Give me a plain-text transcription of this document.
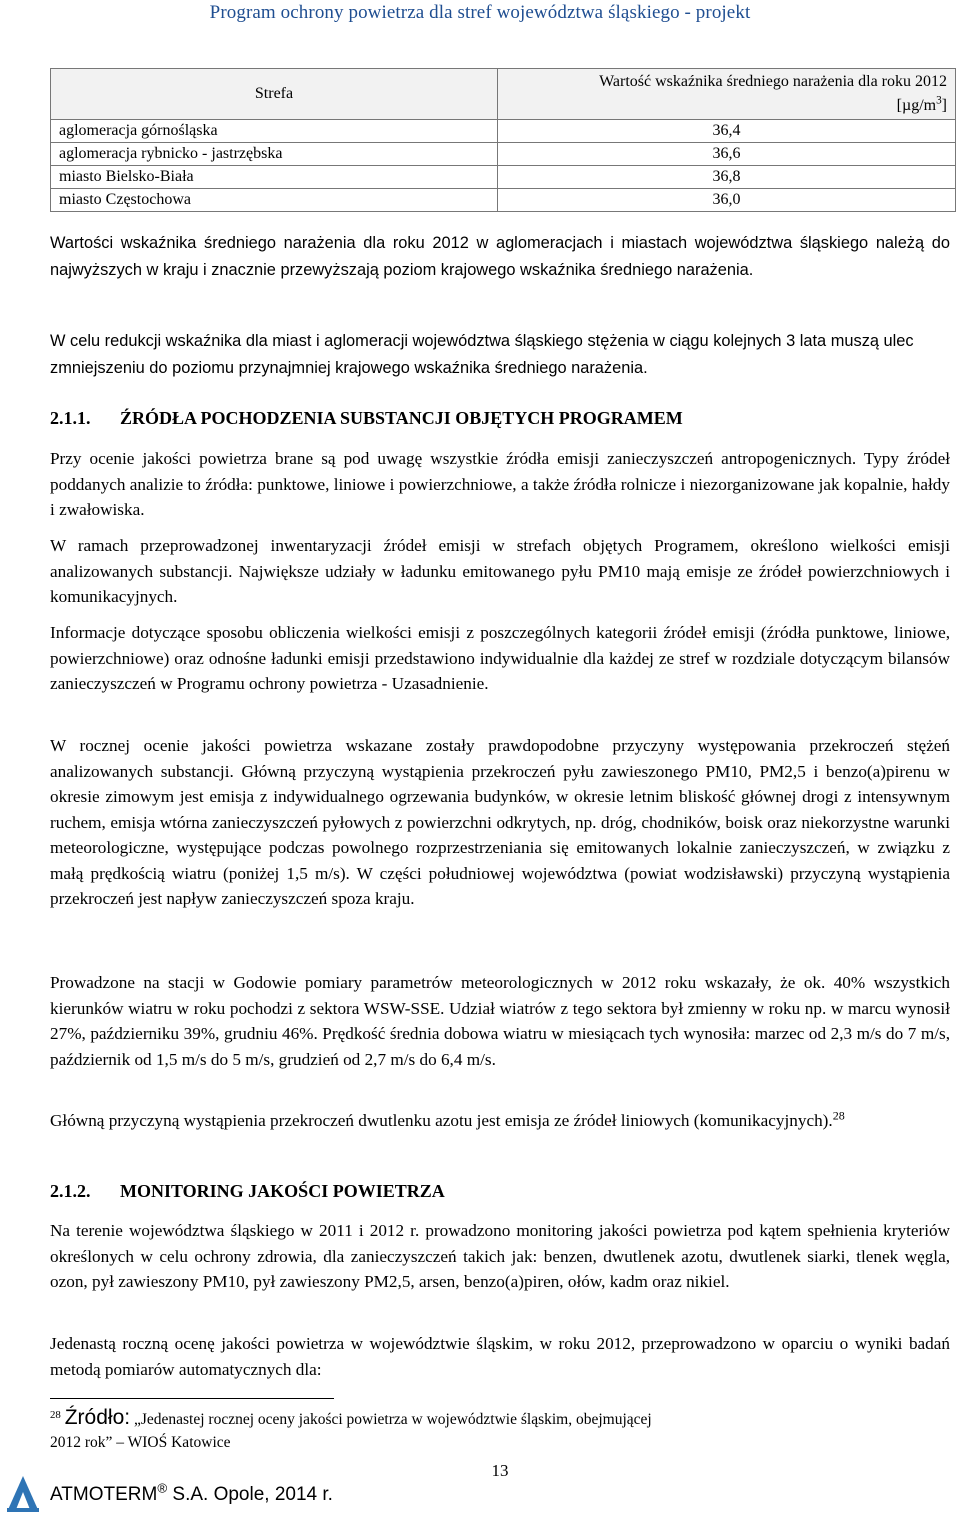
Program ochrony powietrza dla stref województwa śląskiego - projekt
Strefa	Wartość wskaźnika średniego narażenia dla roku 2012
$[\mu g/m^3]$
aglomeracja górnośląska	36,4
aglomeracja rybnicko - jastrzębska	36,6
miasto Bielsko-Biała	36,8
miasto Częstochowa	36,0

Wartości wskaźnika średniego narażenia dla roku 2012 w aglomeracjach i miastach województwa śląskiego należą do najwyższych w kraju i znacznie przewyższają poziom krajowego wskaźnika średniego narażenia.

W celu redukcji wskaźnika dla miast i aglomeracji województwa śląskiego stężenia w ciągu kolejnych 3 lata muszą ulec zmniejszeniu do poziomu przynajmniej krajowego wskaźnika średniego narażenia.

2.1.1. ŹRÓDŁA POCHODZENIA SUBSTANCJI OBJĘTYCH PROGRAMEM

Przy ocenie jakości powietrza brane są pod uwagę wszystkie źródła emisji zanieczyszczeń antropogenicznych. Typy źródeł poddanych analizie to źródła: punktowe, liniowe i powierzchniowe, a także źródła rolnicze i niezorganizowane jak kopalnie, hałdy i zwałowiska.

W ramach przeprowadzonej inwentaryzacji źródeł emisji w strefach objętych Programem, określono wielkości emisji analizowanych substancji. Największe udziały w ładunku emitowanego pyłu PM10 mają emisje ze źródeł powierzchniowych i komunikacyjnych.

Informacje dotyczące sposobu obliczenia wielkości emisji z poszczególnych kategorii źródeł emisji (źródła punktowe, liniowe, powierzchniowe) oraz odnośne ładunki emisji przedstawiono indywidualnie dla każdej ze stref w rozdziale dotyczącym bilansów zanieczyszczeń w Programu ochrony powietrza - Uzasadnienie.

W rocznej ocenie jakości powietrza wskazane zostały prawdopodobne przyczyny występowania przekroczeń stężeń analizowanych substancji. Główną przyczyną wystąpienia przekroczeń pyłu zawieszonego PM10, PM2,5 i benzo(a)pirenu w okresie zimowym jest emisja z indywidualnego ogrzewania budynków, w okresie letnim bliskość głównej drogi z intensywnym ruchem, emisja wtórna zanieczyszczeń pyłowych z powierzchni odkrytych, np. dróg, chodników, boisk oraz niekorzystne warunki meteorologiczne, występujące podczas powolnego rozprzestrzeniania się emitowanych lokalnie zanieczyszczeń, w związku z małą prędkością wiatru (poniżej 1,5 m/s). W części południowej województwa (powiat wodzisławski) przyczyną wystąpienia przekroczeń jest napływ zanieczyszczeń spoza kraju.

Prowadzone na stacji w Godowie pomiary parametrów meteorologicznych w 2012 roku wskazały, że ok. 40% wszystkich kierunków wiatru w roku pochodzi z sektora WSW-SSE. Udział wiatrów z tego sektora był zmienny w roku np. w marcu wynosił 27%, październiku 39%, grudniu 46%. Prędkość średnia dobowa wiatru w miesiącach tych wynosiła: marzec od 2,3 m/s do 7 m/s, październik od 1,5 m/s do 5 m/s, grudzień od 2,7 m/s do 6,4 m/s.

Główną przyczyną wystąpienia przekroczeń dwutlenku azotu jest emisja ze źródeł liniowych (komunikacyjnych).$^{28}$

2.1.2. MONITORING JAKOŚCI POWIETRZA

Na terenie województwa śląskiego w 2011 i 2012 r. prowadzono monitoring jakości powietrza pod kątem spełnienia kryteriów określonych w celu ochrony zdrowia, dla zanieczyszczeń takich jak: benzen, dwutlenek azotu, dwutlenek siarki, tlenek węgla, ozon, pył zawieszony PM10, pył zawieszony PM2,5, arsen, benzo(a)piren, ołów, kadm oraz nikiel.

Jedenastą roczną ocenę jakości powietrza w województwie śląskim, w roku 2012, przeprowadzono w oparciu o wyniki badań metodą pomiarów automatycznych dla:

$^{28}$ Źródło: „Jedenastej rocznej oceny jakości powietrza w województwie śląskim, obejmującej
2012 rok” – WIOŚ Katowice
13
ATMOTERM® S.A. Opole, 2014 r.
